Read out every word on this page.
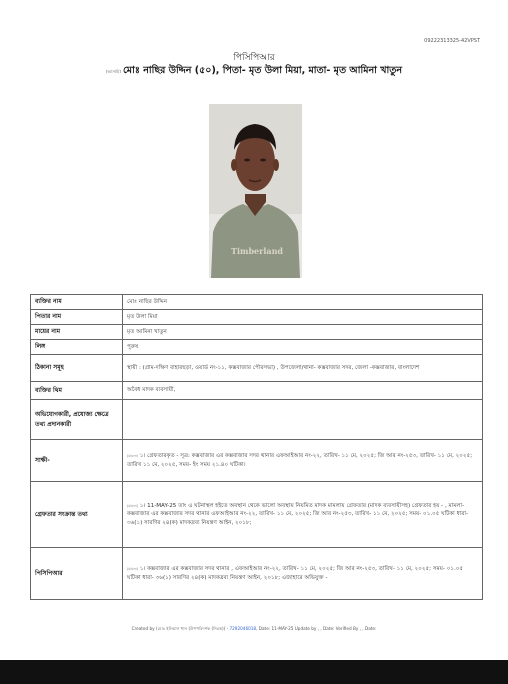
09222313325-42VPST
পিসিপিআর
(আসামি) মোঃ নাছির উদ্দিন (৫০), পিতা- মৃত উলা মিয়া, মাতা- মৃত আমিনা খাতুন
Timberland
ব্যক্তির নাম	মোঃ নাছির উদ্দিন
পিতার নাম	মৃত উলা মিয়া
মায়ের নাম	মৃত আমিনা খাতুন
লিঙ্গ	পুরুষ
ঠিকানা সমূহ	স্থায়ী : (গ্রাম-দক্ষিণ বাহারছড়া, ওয়ার্ড নং-১১, কক্সবাজার পৌরসভা) , উপজেলা/থানা- কক্সবাজার সদর, জেলা -কক্সবাজার, বাংলাদেশ
ব্যক্তির থিম	অবৈধ মাদক ব্যবসায়ী,
অভিযোগকারী, প্রযোজ্য ক্ষেত্রে তথ্য প্রদানকারী	
সাক্ষী-	(মামলা) ১। গ্রেফতারকৃত - সূত্র: কক্সবাজার এর কক্সবাজার সদর থানার এফআইআর নং-২২, তারিখ- ১১ মে, ২০২৫; জি আর নং-২৫৩, তারিখ- ১১ মে, ২০২৫; তারিখ ১১ মে, ২০২৫, সময়- ইং সময় ২১.৪০ ঘটিকা।
গ্রেফতার সংক্রান্ত তথ্য	(মামলা) ১। 11-MAY-25 তাং এ ঘটনাস্থল হইতে অবস্থান থেকে ভালো অবস্থায় নিয়মিত মাদক মামলায় গ্রেফতার (মাদক ব্যবসায়ীসহ) গ্রেফতার হয় - , মামলা- কক্সবাজার এর কক্সবাজার সদর থানার এফআইআর নং-২২, তারিখ- ১১ মে, ২০২৫; জি আর নং-২৫৩, তারিখ- ১১ মে, ২০২৫; সময়- ০১.০৫ ঘটিকা ধারা- ৩৬(১) সারণির ২৪(ক) মাদকদ্রব্য নিয়ন্ত্রণ আইন, ২০১৮;
পিসিপিআর	(মামলা) ১। কক্সবাজার এর কক্সবাজার সদর থানার , এফআইআর নং-২২, তারিখ- ১১ মে, ২০২৫; জি আর নং-২৫৩, তারিখ- ১১ মে, ২০২৫; সময়- ০১.০৫ ঘটিকা ধারা- ৩৬(১) সারণির ২৪(ক) মাদকদ্রব্য নিয়ন্ত্রণ আইন, ২০১৮; এজাহারে অভিযুক্ত -
Created by (মোঃ ইলিয়াস খান (উপপরিদর্শক (নিরস্ত্র)) - 7292046018, Date: 11-MAY-25 Update by , , Date: Verified By , , Date:
